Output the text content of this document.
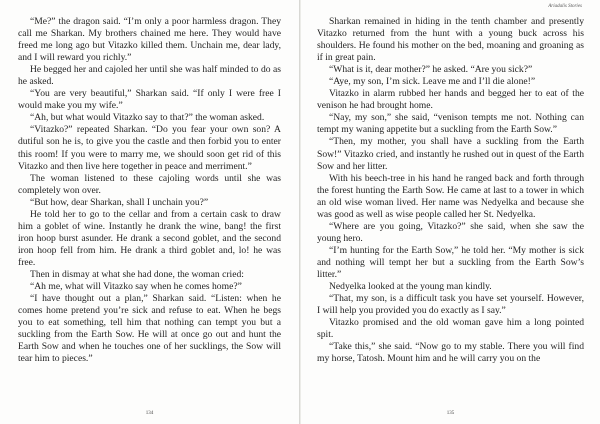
“Me?” the dragon said. “I’m only a poor harmless dragon. They call me Sharkan. My brothers chained me here. They would have freed me long ago but Vitazko killed them. Unchain me, dear lady, and I will reward you richly.”

He begged her and cajoled her until she was half minded to do as he asked.

“You are very beautiful,” Sharkan said. “If only I were free I would make you my wife.”

“Ah, but what would Vitazko say to that?” the woman asked.

“Vitazko?” repeated Sharkan. “Do you fear your own son? A dutiful son he is, to give you the castle and then forbid you to enter this room! If you were to marry me, we should soon get rid of this Vitazko and then live here together in peace and merriment.”

The woman listened to these cajoling words until she was completely won over.

“But how, dear Sharkan, shall I unchain you?”

He told her to go to the cellar and from a certain cask to draw him a goblet of wine. Instantly he drank the wine, bang! the first iron hoop burst asunder. He drank a second goblet, and the second iron hoop fell from him. He drank a third goblet and, lo! he was free.

Then in dismay at what she had done, the woman cried:

“Ah me, what will Vitazko say when he comes home?”

“I have thought out a plan,” Sharkan said. “Listen: when he comes home pretend you’re sick and refuse to eat. When he begs you to eat something, tell him that nothing can tempt you but a suckling from the Earth Sow. He will at once go out and hunt the Earth Sow and when he touches one of her sucklings, the Sow will tear him to pieces.”

134
Ariadalis Stories

Sharkan remained in hiding in the tenth chamber and presently Vitazko returned from the hunt with a young buck across his shoulders. He found his mother on the bed, moaning and groaning as if in great pain.

“What is it, dear mother?” he asked. “Are you sick?”

“Aye, my son, I’m sick. Leave me and I’ll die alone!”

Vitazko in alarm rubbed her hands and begged her to eat of the venison he had brought home.

“Nay, my son,” she said, “venison tempts me not. Nothing can tempt my waning appetite but a suckling from the Earth Sow.”

“Then, my mother, you shall have a suckling from the Earth Sow!” Vitazko cried, and instantly he rushed out in quest of the Earth Sow and her litter.

With his beech-tree in his hand he ranged back and forth through the forest hunting the Earth Sow. He came at last to a tower in which an old wise woman lived. Her name was Nedyelka and because she was good as well as wise people called her St. Nedyelka.

“Where are you going, Vitazko?” she said, when she saw the young hero.

“I’m hunting for the Earth Sow,” he told her. “My mother is sick and nothing will tempt her but a suckling from the Earth Sow’s litter.”

Nedyelka looked at the young man kindly.

“That, my son, is a difficult task you have set yourself. However, I will help you provided you do exactly as I say.”

Vitazko promised and the old woman gave him a long pointed spit.

“Take this,” she said. “Now go to my stable. There you will find my horse, Tatosh. Mount him and he will carry you on the

135
